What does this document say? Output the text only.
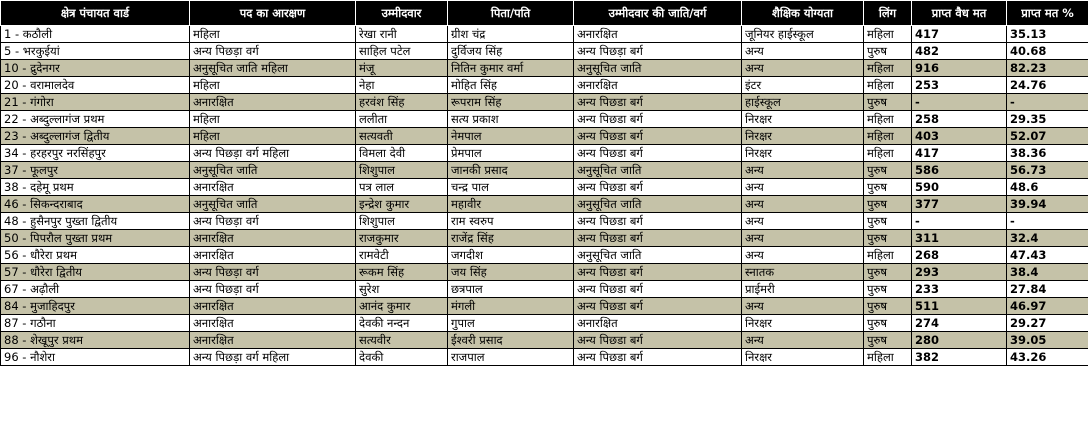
क्षेत्र पंचायत वार्ड	पद का आरक्षण	उम्मीदवार	पिता/पति	उम्मीदवार की जाति/वर्ग	शैक्षिक योग्यता	लिंग	प्राप्त वैध मत	प्राप्त मत %
1 - कठौली	महिला	रेखा रानी	ग्रीश चंद्र	अनारक्षित	जूनियर हाईस्कूल	महिला	417	35.13
5 - भरकुईयां	अन्य पिछड़ा वर्ग	साहिल पटेल	दुर्विजय सिंह	अन्य पिछड़ा बर्ग	अन्य	पुरुष	482	40.68
10 - द्रुदेनगर	अनुसूचित जाति महिला	मंजू	नितिन कुमार वर्मा	अनुसूचित जाति	अन्य	महिला	916	82.23
20 - वरामालदेव	महिला	नेहा	मोहित सिंह	अनारक्षित	इंटर	महिला	253	24.76
21 - गंगोरा	अनारक्षित	हरवंश सिंह	रूपराम सिंह	अन्य पिछडा बर्ग	हाईस्कूल	पुरुष	-	-
22 - अब्दुल्लागंज प्रथम	महिला	ललीता	सत्य प्रकाश	अन्य पिछडा बर्ग	निरक्षर	महिला	258	29.35
23 - अब्दुल्लागंज द्वितीय	महिला	सत्यवती	नेमपाल	अन्य पिछडा बर्ग	निरक्षर	महिला	403	52.07
34 - हरहरपुर नरसिंहपुर	अन्य पिछड़ा वर्ग महिला	विमला देवी	प्रेमपाल	अन्य पिछडा बर्ग	निरक्षर	महिला	417	38.36
37 - फूलपुर	अनुसूचित जाति	शिशुपाल	जानकी प्रसाद	अनुसूचित जाति	अन्य	पुरुष	586	56.73
38 - दहेमू प्रथम	अनारक्षित	पत्र लाल	चन्द्र पाल	अन्य पिछडा बर्ग	अन्य	पुरुष	590	48.6
46 - सिकन्दराबाद	अनुसूचित जाति	इन्द्रेश कुमार	महावीर	अनुसूचित जाति	अन्य	पुरुष	377	39.94
48 - हुसैनपुर पुख्ता द्वितीय	अन्य पिछड़ा वर्ग	शिशुपाल	राम स्वरुप	अन्य पिछडा बर्ग	अन्य	पुरुष	-	-
50 - पिपरौल पुख्ता प्रथम	अनारक्षित	राजकुमार	राजेंद्र सिंह	अन्य पिछडा बर्ग	अन्य	पुरुष	311	32.4
56 - धौरेरा प्रथम	अनारक्षित	रामवेटी	जगदीश	अनुसूचित जाति	अन्य	महिला	268	47.43
57 - धौरेरा द्वितीय	अन्य पिछड़ा वर्ग	रूकम सिंह	जय सिंह	अन्य पिछडा बर्ग	स्नातक	पुरुष	293	38.4
67 - अढ़ौली	अन्य पिछड़ा वर्ग	सुरेश	छत्रपाल	अन्य पिछडा बर्ग	प्राईमरी	पुरुष	233	27.84
84 - मुजाहिदपुर	अनारक्षित	आनंद कुमार	मंगली	अन्य पिछडा बर्ग	अन्य	पुरुष	511	46.97
87 - गठौना	अनारक्षित	देवकी नन्दन	गुपाल	अनारक्षित	निरक्षर	पुरुष	274	29.27
88 - शेखूपुर प्रथम	अनारक्षित	सत्यवीर	ईश्वरी प्रसाद	अन्य पिछडा बर्ग	अन्य	पुरुष	280	39.05
96 - नौशेरा	अन्य पिछड़ा वर्ग महिला	देवकी	राजपाल	अन्य पिछडा बर्ग	निरक्षर	महिला	382	43.26
